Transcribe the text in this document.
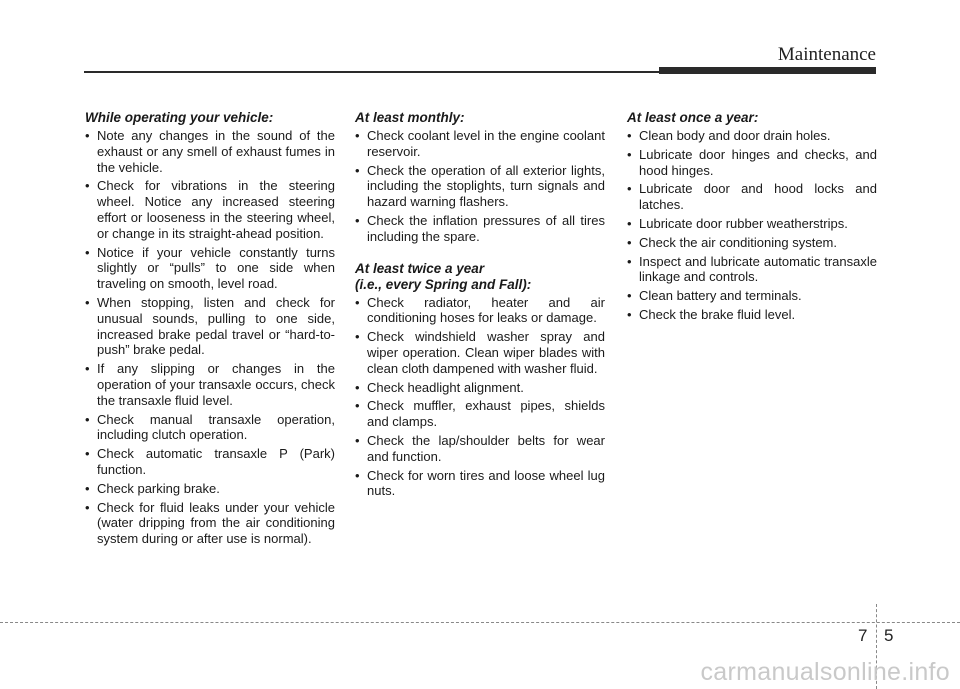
Maintenance
While operating your vehicle:
• Note any changes in the sound of the exhaust or any smell of exhaust fumes in the vehicle.
• Check for vibrations in the steering wheel. Notice any increased steering effort or looseness in the steering wheel, or change in its straight-ahead position.
• Notice if your vehicle constantly turns slightly or “pulls” to one side when traveling on smooth, level road.
• When stopping, listen and check for unusual sounds, pulling to one side, increased brake pedal travel or “hard-to-push” brake pedal.
• If any slipping or changes in the operation of your transaxle occurs, check the transaxle fluid level.
• Check manual transaxle operation, including clutch operation.
• Check automatic transaxle P (Park) function.
• Check parking brake.
• Check for fluid leaks under your vehicle (water dripping from the air conditioning system during or after use is normal).
At least monthly:
• Check coolant level in the engine coolant reservoir.
• Check the operation of all exterior lights, including the stoplights, turn signals and hazard warning flashers.
• Check the inflation pressures of all tires including the spare.
At least twice a year
(i.e., every Spring and Fall):
• Check radiator, heater and air conditioning hoses for leaks or damage.
• Check windshield washer spray and wiper operation. Clean wiper blades with clean cloth dampened with washer fluid.
• Check headlight alignment.
• Check muffler, exhaust pipes, shields and clamps.
• Check the lap/shoulder belts for wear and function.
• Check for worn tires and loose wheel lug nuts.
At least once a year:
• Clean body and door drain holes.
• Lubricate door hinges and checks, and hood hinges.
• Lubricate door and hood locks and latches.
• Lubricate door rubber weatherstrips.
• Check the air conditioning system.
• Inspect and lubricate automatic transaxle linkage and controls.
• Clean battery and terminals.
• Check the brake fluid level.
7 5
carmanualsonline.info
